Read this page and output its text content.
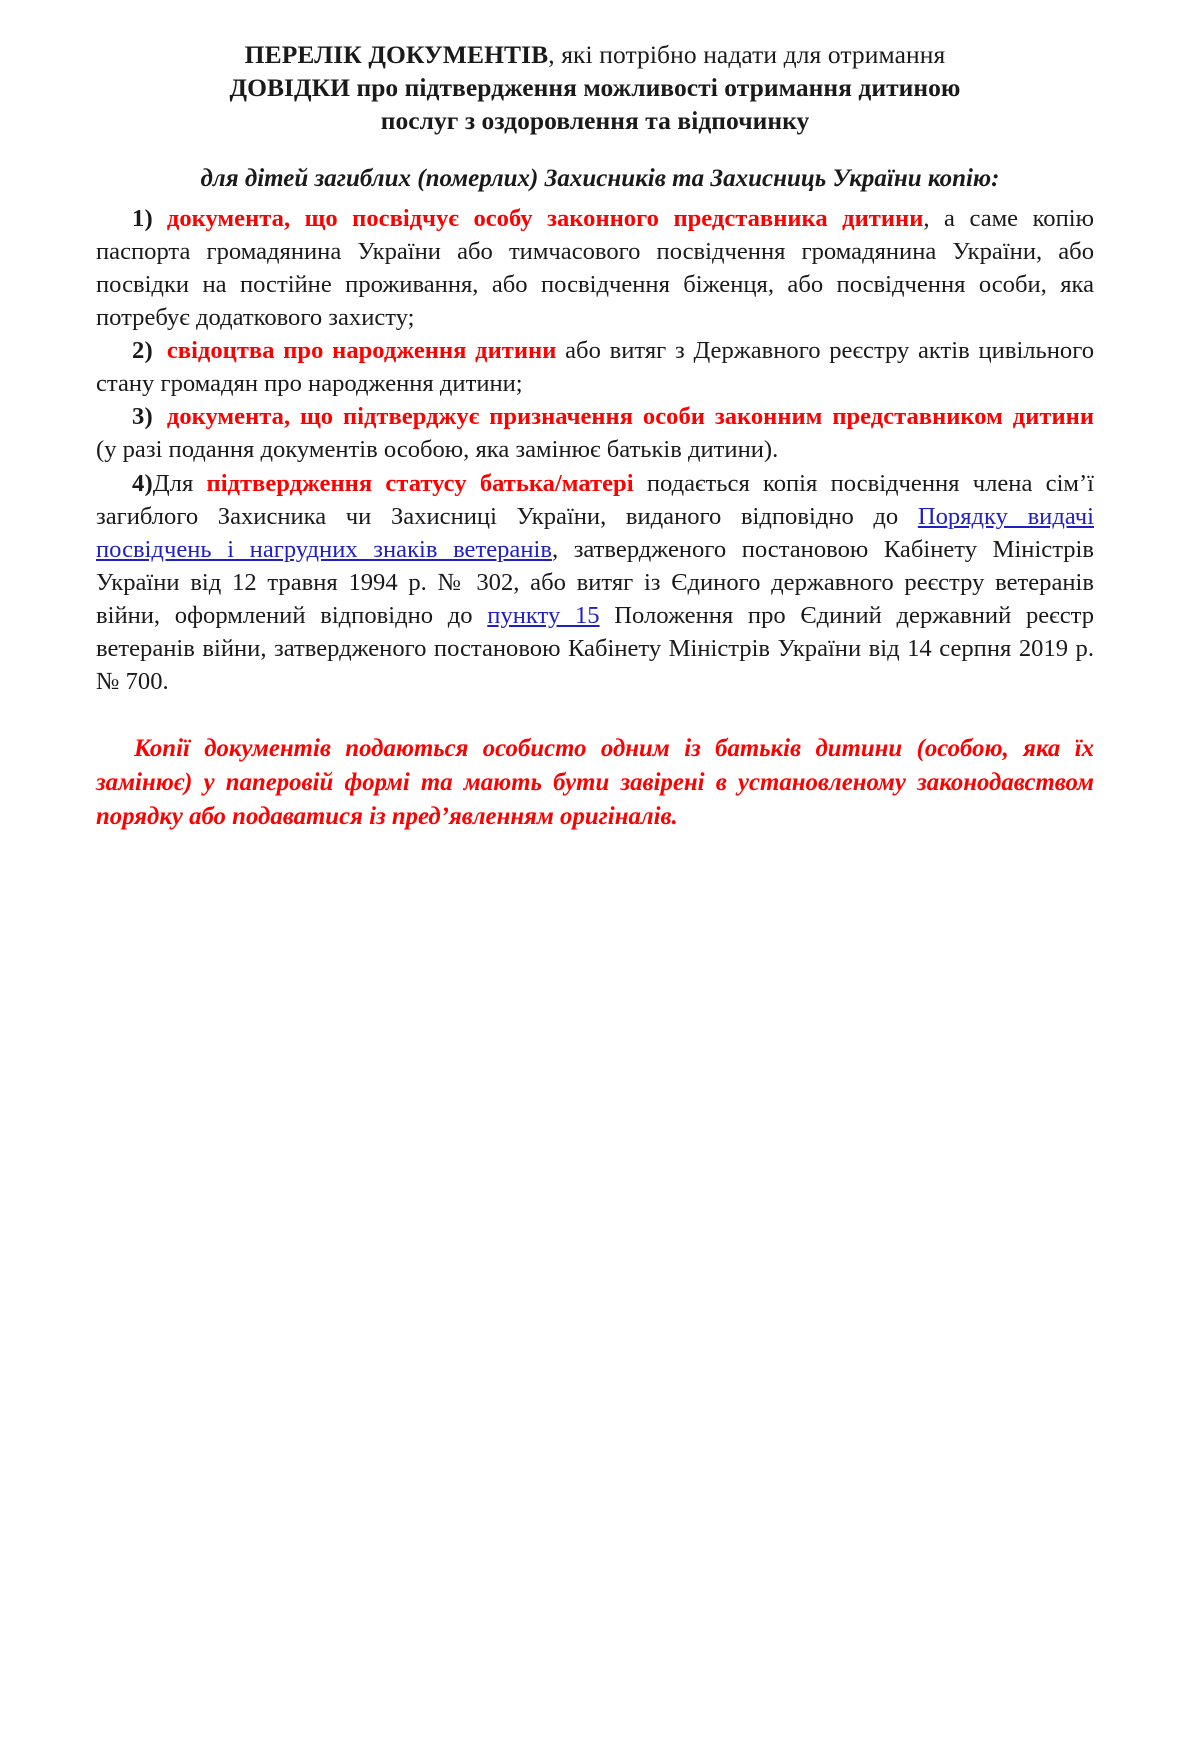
ПЕРЕЛІК ДОКУМЕНТІВ, які потрібно надати для отримання
ДОВІДКИ про підтвердження можливості отримання дитиною
послуг з оздоровлення та відпочинку

для дітей загиблих (померлих) Захисників та Захисниць України копію:

1) документа, що посвідчує особу законного представника дитини, а саме копію паспорта громадянина України або тимчасового посвідчення громадянина України, або посвідки на постійне проживання, або посвідчення біженця, або посвідчення особи, яка потребує додаткового захисту;

2) свідоцтва про народження дитини або витяг з Державного реєстру актів цивільного стану громадян про народження дитини;

3) документа, що підтверджує призначення особи законним представником дитини (у разі подання документів особою, яка замінює батьків дитини).

4)Для підтвердження статусу батька/матері подається копія посвідчення члена сім’ї загиблого Захисника чи Захисниці України, виданого відповідно до Порядку видачі посвідчень і нагрудних знаків ветеранів, затвердженого постановою Кабінету Міністрів України від 12 травня 1994 р. № 302, або витяг із Єдиного державного реєстру ветеранів війни, оформлений відповідно до пункту 15 Положення про Єдиний державний реєстр ветеранів війни, затвердженого постановою Кабінету Міністрів України від 14 серпня 2019 р. № 700.

Копії документів подаються особисто одним із батьків дитини (особою, яка їх замінює) у паперовій формі та мають бути завірені в установленому законодавством порядку або подаватися із пред’явленням оригіналів.
